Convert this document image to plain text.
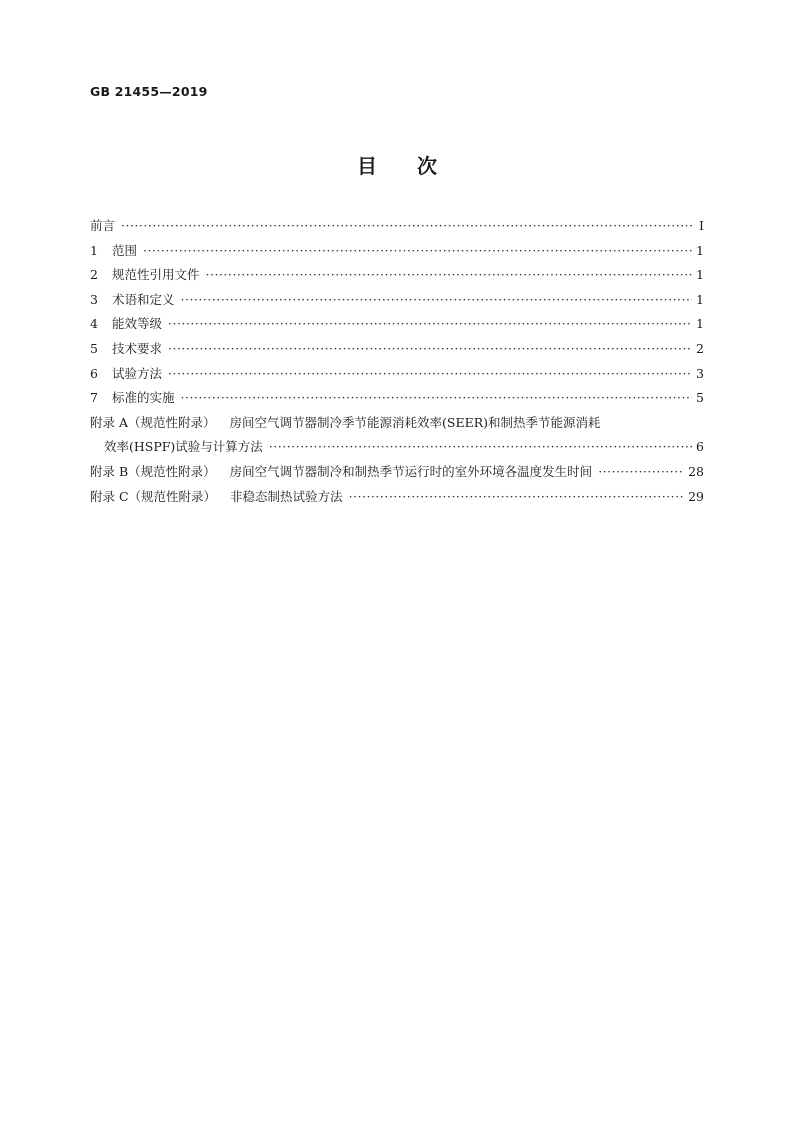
GB 21455—2019
目次
前言 ·····	Ⅰ
1 范围 ·····	1
2 规范性引用文件 ·····	1
3 术语和定义 ·····	1
4 能效等级 ·····	1
5 技术要求 ·····	2
6 试验方法 ·····	3
7 标准的实施 ·····	5
附录 A（规范性附录） 房间空气调节器制冷季节能源消耗效率(SEER)和制热季节能源消耗
效率(HSPF)试验与计算方法 ·····	6
附录 B（规范性附录） 房间空气调节器制冷和制热季节运行时的室外环境各温度发生时间 ·····	28
附录 C（规范性附录） 非稳态制热试验方法 ·····	29
